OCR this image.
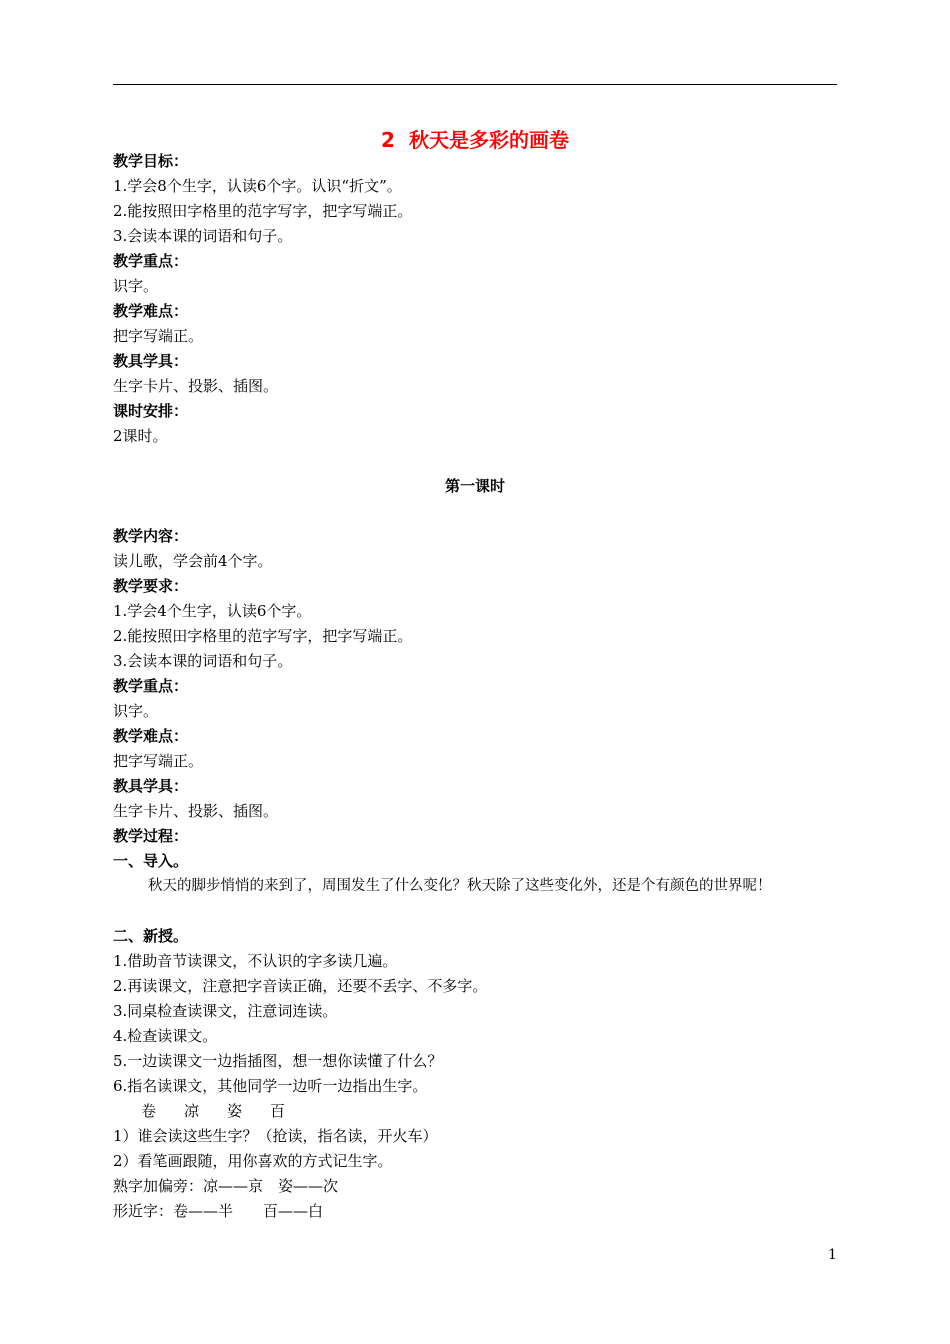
2 秋天是多彩的画卷
教学目标：
1.学会8个生字，认读6个字。认识“折文”。
2.能按照田字格里的范字写字，把字写端正。
3.会读本课的词语和句子。
教学重点：
识字。
教学难点：
把字写端正。
教具学具：
生字卡片、投影、插图。
课时安排：
2课时。
第一课时
教学内容：
读儿歌，学会前4个字。
教学要求：
1.学会4个生字，认读6个字。
2.能按照田字格里的范字写字，把字写端正。
3.会读本课的词语和句子。
教学重点：
识字。
教学难点：
把字写端正。
教具学具：
生字卡片、投影、插图。
教学过程：
一、导入。
秋天的脚步悄悄的来到了，周围发生了什么变化？秋天除了这些变化外，还是个有颜色的世界呢！
二、新授。
1.借助音节读课文，不认识的字多读几遍。
2.再读课文，注意把字音读正确，还要不丢字、不多字。
3.同桌检查读课文，注意词连读。
4.检查读课文。
5.一边读课文一边指插图，想一想你读懂了什么？
6.指名读课文，其他同学一边听一边指出生字。
卷 凉 姿 百
1）谁会读这些生字？（抢读，指名读，开火车）
2）看笔画跟随，用你喜欢的方式记生字。
熟字加偏旁：凉——京　姿——次
形近字：卷——半　　百——白
1
